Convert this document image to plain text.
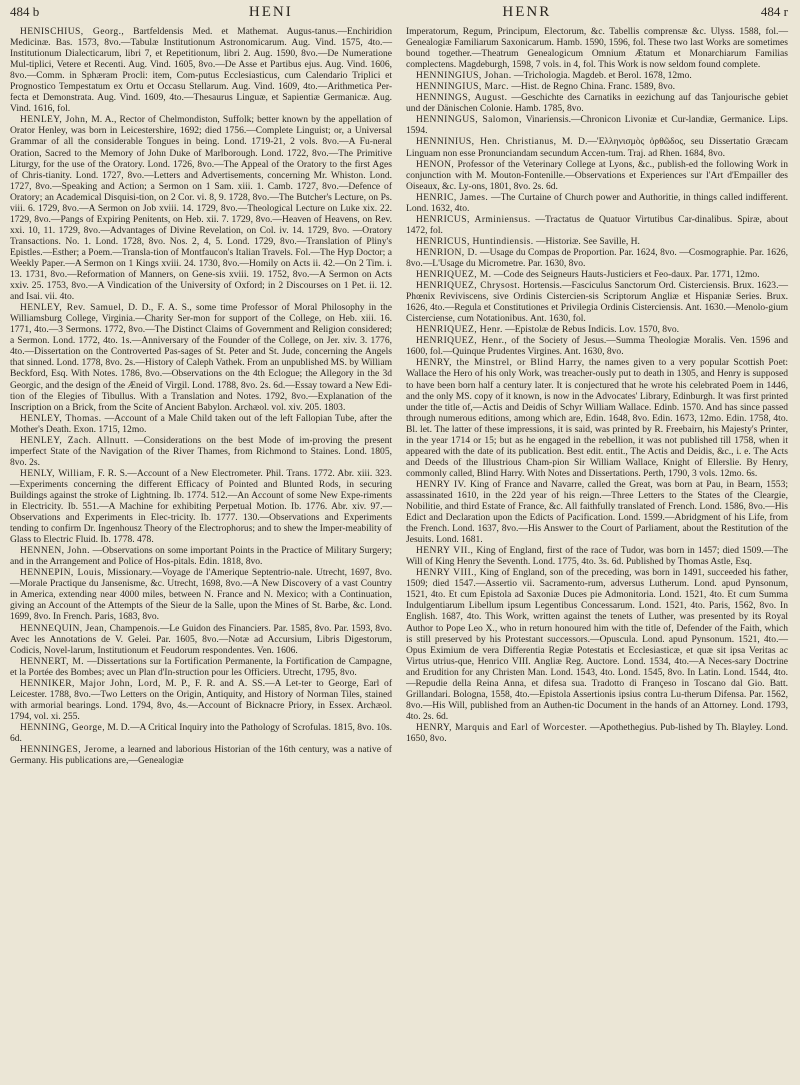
484 b	HENI	HENR	484 r

HENISCHIUS, Georg., Bartfeldensis Med. et Mathemat. Augus-tanus.—Enchiridion Medicinæ. Bas. 1573, 8vo.—Tabulæ Institutionum Astronomicarum. Aug. Vind. 1575, 4to.—Institutionum Dialecticarum, libri 7, et Repetitionum, libri 2. Aug. 1590, 8vo.—De Numeratione Mul-tiplici, Vetere et Recenti. Aug. Vind. 1605, 8vo.—De Asse et Partibus ejus. Aug. Vind. 1606, 8vo.—Comm. in Sphæram Procli: item, Com-putus Ecclesiasticus, cum Calendario Triplici et Prognostico Tempestatum ex Ortu et Occasu Stellarum. Aug. Vind. 1609, 4to.—Arithmetica Per-fecta et Demonstrata. Aug. Vind. 1609, 4to.—Thesaurus Linguæ, et Sapientiæ Germanicæ. Aug. Vind. 1616, fol.

HENLEY, John, M. A., Rector of Chelmondiston, Suffolk; better known by the appellation of Orator Henley, was born in Leicestershire, 1692; died 1756.—Complete Linguist; or, a Universal Grammar of all the considerable Tongues in being. Lond. 1719-21, 2 vols. 8vo.—A Fu-neral Oration, Sacred to the Memory of John Duke of Marlborough. Lond. 1722, 8vo.—The Primitive Liturgy, for the use of the Oratory. Lond. 1726, 8vo.—The Appeal of the Oratory to the first Ages of Chris-tianity. Lond. 1727, 8vo.—Letters and Advertisements, concerning Mr. Whiston. Lond. 1727, 8vo.—Speaking and Action; a Sermon on 1 Sam. xiii. 1. Camb. 1727, 8vo.—Defence of Oratory; an Academical Disquisi-tion, on 2 Cor. vi. 8, 9. 1728, 8vo.—The Butcher's Lecture, on Ps. viii. 6. 1729, 8vo.—A Sermon on Job xviii. 14. 1729, 8vo.—Theological Lecture on Luke xix. 22. 1729, 8vo.—Pangs of Expiring Penitents, on Heb. xii. 7. 1729, 8vo.—Heaven of Heavens, on Rev. xxi. 10, 11. 1729, 8vo.—Advantages of Divine Revelation, on Col. iv. 14. 1729, 8vo. —Oratory Transactions. No. 1. Lond. 1728, 8vo. Nos. 2, 4, 5. Lond. 1729, 8vo.—Translation of Pliny's Epistles.—Esther; a Poem.—Transla-tion of Montfaucon's Italian Travels. Fol.—The Hyp Doctor; a Weekly Paper.—A Sermon on 1 Kings xviii. 24. 1730, 8vo.—Homily on Acts ii. 42.—On 2 Tim. i. 13. 1731, 8vo.—Reformation of Manners, on Gene-sis xviii. 19. 1752, 8vo.—A Sermon on Acts xxiv. 25. 1753, 8vo.—A Vindication of the University of Oxford; in 2 Discourses on 1 Pet. ii. 12. and Isai. vii. 4to.

HENLEY, Rev. Samuel, D. D., F. A. S., some time Professor of Moral Philosophy in the Williamsburg College, Virginia.—Charity Ser-mon for support of the College, on Heb. xiii. 16. 1771, 4to.—3 Sermons. 1772, 8vo.—The Distinct Claims of Government and Religion considered; a Sermon. Lond. 1772, 4to. 1s.—Anniversary of the Founder of the College, on Jer. xiv. 3. 1776, 4to.—Dissertation on the Controverted Pas-sages of St. Peter and St. Jude, concerning the Angels that sinned. Lond. 1778, 8vo. 2s.—History of Caleph Vathek. From an unpublished MS. by William Beckford, Esq. With Notes. 1786, 8vo.—Observations on the 4th Eclogue; the Allegory in the 3d Georgic, and the design of the Æneid of Virgil. Lond. 1788, 8vo. 2s. 6d.—Essay toward a New Edi-tion of the Elegies of Tibullus. With a Translation and Notes. 1792, 8vo.—Explanation of the Inscription on a Brick, from the Scite of Ancient Babylon. Archæol. vol. xiv. 205. 1803.

HENLEY, Thomas. —Account of a Male Child taken out of the left Fallopian Tube, after the Mother's Death. Exon. 1715, 12mo.

HENLEY, Zach. Allnutt. —Considerations on the best Mode of im-proving the present imperfect State of the Navigation of the River Thames, from Richmond to Staines. Lond. 1805, 8vo. 2s.

HENLY, William, F. R. S.—Account of a New Electrometer. Phil. Trans. 1772. Abr. xiii. 323.—Experiments concerning the different Efficacy of Pointed and Blunted Rods, in securing Buildings against the stroke of Lightning. Ib. 1774. 512.—An Account of some New Expe-riments in Electricity. Ib. 551.—A Machine for exhibiting Perpetual Motion. Ib. 1776. Abr. xiv. 97.—Observations and Experiments in Elec-tricity. Ib. 1777. 130.—Observations and Experiments tending to confirm Dr. Ingenhousz Theory of the Electrophorus; and to shew the Imper-meability of Glass to Electric Fluid. Ib. 1778. 478.

HENNEN, John. —Observations on some important Points in the Practice of Military Surgery; and in the Arrangement and Police of Hos-pitals. Edin. 1818, 8vo.

HENNEPIN, Louis, Missionary.—Voyage de l'Amerique Septentrio-nale. Utrecht, 1697, 8vo.—Morale Practique du Jansenisme, &c. Utrecht, 1698, 8vo.—A New Discovery of a vast Country in America, extending near 4000 miles, between N. France and N. Mexico; with a Continuation, giving an Account of the Attempts of the Sieur de la Salle, upon the Mines of St. Barbe, &c. Lond. 1699, 8vo. In French. Paris, 1683, 8vo.

HENNEQUIN, Jean, Champenois.—Le Guidon des Financiers. Par. 1585, 8vo. Par. 1593, 8vo. Avec les Annotations de V. Gelei. Par. 1605, 8vo.—Notæ ad Accursium, Libris Digestorum, Codicis, Novel-larum, Institutionum et Feudorum respondentes. Ven. 1606.

HENNERT, M. —Dissertations sur la Fortification Permanente, la Fortification de Campagne, et la Portée des Bombes; avec un Plan d'In-struction pour les Officiers. Utrecht, 1795, 8vo.

HENNIKER, Major John, Lord, M. P., F. R. and A. SS.—A Let-ter to George, Earl of Leicester. 1788, 8vo.—Two Letters on the Origin, Antiquity, and History of Norman Tiles, stained with armorial bearings. Lond. 1794, 8vo, 4s.—Account of Bicknacre Priory, in Essex. Archæol. 1794, vol. xi. 255.

HENNING, George, M. D.—A Critical Inquiry into the Pathology of Scrofulas. 1815, 8vo. 10s. 6d.

HENNINGES, Jerome, a learned and laborious Historian of the 16th century, was a native of Germany. His publications are,—Genealogiæ

Imperatorum, Regum, Principum, Electorum, &c. Tabellis comprensæ &c. Ulyss. 1588, fol.—Genealogiæ Familiarum Saxonicarum. Hamb. 1590, 1596, fol. These two last Works are sometimes bound together.—Theatrum Genealogicum Omnium Ætatum et Monarchiarum Familias complectens. Magdeburgh, 1598, 7 vols. in 4, fol. This Work is now seldom found complete.

HENNINGIUS, Johan. —Trichologia. Magdeb. et Berol. 1678, 12mo.

HENNINGIUS, Marc. —Hist. de Regno China. Franc. 1589, 8vo.

HENNINGS, August. —Geschichte des Carnatiks in eezichung auf das Tanjourische gebiet und der Dänischen Colonie. Hamb. 1785, 8vo.

HENNINGUS, Salomon, Vinariensis.—Chronicon Livoniæ et Cur-landiæ, Germanice. Lips. 1594.

HENNINIUS, Hen. Christianus, M. D.—'Ελληνισμὸς ὀρθῶδος, seu Dissertatio Græcam Linguam non esse Pronunciandam secundum Accen-tum. Traj. ad Rhen. 1684, 8vo.

HENON, Professor of the Veterinary College at Lyons, &c., publish-ed the following Work in conjunction with M. Mouton-Fontenille.—Observations et Experiences sur l'Art d'Empailler des Oiseaux, &c. Ly-ons, 1801, 8vo. 2s. 6d.

HENRIC, James. —The Curtaine of Church power and Authoritie, in things called indifferent. Lond. 1632, 4to.

HENRICUS, Arminiensus. —Tractatus de Quatuor Virtutibus Car-dinalibus. Spiræ, about 1472, fol.

HENRICUS, Huntindiensis. —Historiæ. See Saville, H.

HENRION, D. —Usage du Compas de Proportion. Par. 1624, 8vo. —Cosmographie. Par. 1626, 8vo.—L'Usage du Micrometre. Par. 1630, 8vo.

HENRIQUEZ, M. —Code des Seigneurs Hauts-Justiciers et Feo-daux. Par. 1771, 12mo.

HENRIQUEZ, Chrysost. Hortensis.—Fasciculus Sanctorum Ord. Cisterciensis. Brux. 1623.—Phœnix Reviviscens, sive Ordinis Cistercien-sis Scriptorum Angliæ et Hispaniæ Series. Brux. 1626, 4to.—Regula et Constitutiones et Privilegia Ordinis Cisterciensis. Ant. 1630.—Menolo-gium Cisterciense, cum Notationibus. Ant. 1630, fol.

HENRIQUEZ, Henr. —Epistolæ de Rebus Indicis. Lov. 1570, 8vo.

HENRIQUEZ, Henr., of the Society of Jesus.—Summa Theologiæ Moralis. Ven. 1596 and 1600, fol.—Quinque Prudentes Virgines. Ant. 1630, 8vo.

HENRY, the Minstrel, or Blind Harry, the names given to a very popular Scottish Poet: Wallace the Hero of his only Work, was treacher-ously put to death in 1305, and Henry is supposed to have been born half a century later. It is conjectured that he wrote his celebrated Poem in 1446, and the only MS. copy of it known, is now in the Advocates' Library, Edinburgh. It was first printed under the title of,—Actis and Deidis of Schyr William Wallace. Edinb. 1570. And has since passed through numerous editions, among which are, Edin. 1648, 8vo. Edin. 1673, 12mo. Edin. 1758, 4to. Bl. let. The latter of these impressions, it is said, was printed by R. Freebairn, his Majesty's Printer, in the year 1714 or 15; but as he engaged in the rebellion, it was not published till 1758, when it appeared with the date of its publication. Best edit. entit., The Actis and Deidis, &c., i. e. The Acts and Deeds of the Illustrious Cham-pion Sir William Wallace, Knight of Ellerslie. By Henry, commonly called, Blind Harry. With Notes and Dissertations. Perth, 1790, 3 vols. 12mo. 6s.

HENRY IV. King of France and Navarre, called the Great, was born at Pau, in Bearn, 1553; assassinated 1610, in the 22d year of his reign.—Three Letters to the States of the Cleargie, Nobilitie, and third Estate of France, &c. All faithfully translated of French. Lond. 1586, 8vo.—His Edict and Declaration upon the Edicts of Pacification. Lond. 1599.—Abridgment of his Life, from the French. Lond. 1637, 8vo.—His Answer to the Court of Parliament, about the Restitution of the Jesuits. Lond. 1681.

HENRY VII., King of England, first of the race of Tudor, was born in 1457; died 1509.—The Will of King Henry the Seventh. Lond. 1775, 4to. 3s. 6d. Published by Thomas Astle, Esq.

HENRY VIII., King of England, son of the preceding, was born in 1491, succeeded his father, 1509; died 1547.—Assertio vii. Sacramento-rum, adversus Lutherum. Lond. apud Pynsonum, 1521, 4to. Et cum Epistola ad Saxoniæ Duces pie Admonitoria. Lond. 1521, 4to. Et cum Summa Indulgentiarum Libellum ipsum Legentibus Concessarum. Lond. 1521, 4to. Paris, 1562, 8vo. In English. 1687, 4to. This Work, written against the tenets of Luther, was presented by its Royal Author to Pope Leo X., who in return honoured him with the title of, Defender of the Faith, which is still preserved by his Protestant successors.—Opuscula. Lond. apud Pynsonum. 1521, 4to.—Opus Eximium de vera Differentia Regiæ Potestatis et Ecclesiasticæ, et quæ sit ipsa Veritas ac Virtus utrius-que, Henrico VIII. Angliæ Reg. Auctore. Lond. 1534, 4to.—A Neces-sary Doctrine and Erudition for any Christen Man. Lond. 1543, 4to. Lond. 1545, 8vo. In Latin. Lond. 1544, 4to.—Repudie della Reina Anna, et difesa sua. Tradotto di Françeso in Toscano dal Gio. Batt. Grillandari. Bologna, 1558, 4to.—Epistola Assertionis ipsius contra Lu-therum Difensa. Par. 1562, 8vo.—His Will, published from an Authen-tic Document in the hands of an Attorney. Lond. 1793, 4to. 2s. 6d.

HENRY, Marquis and Earl of Worcester. —Apothethegius. Pub-lished by Th. Blayley. Lond. 1650, 8vo.
